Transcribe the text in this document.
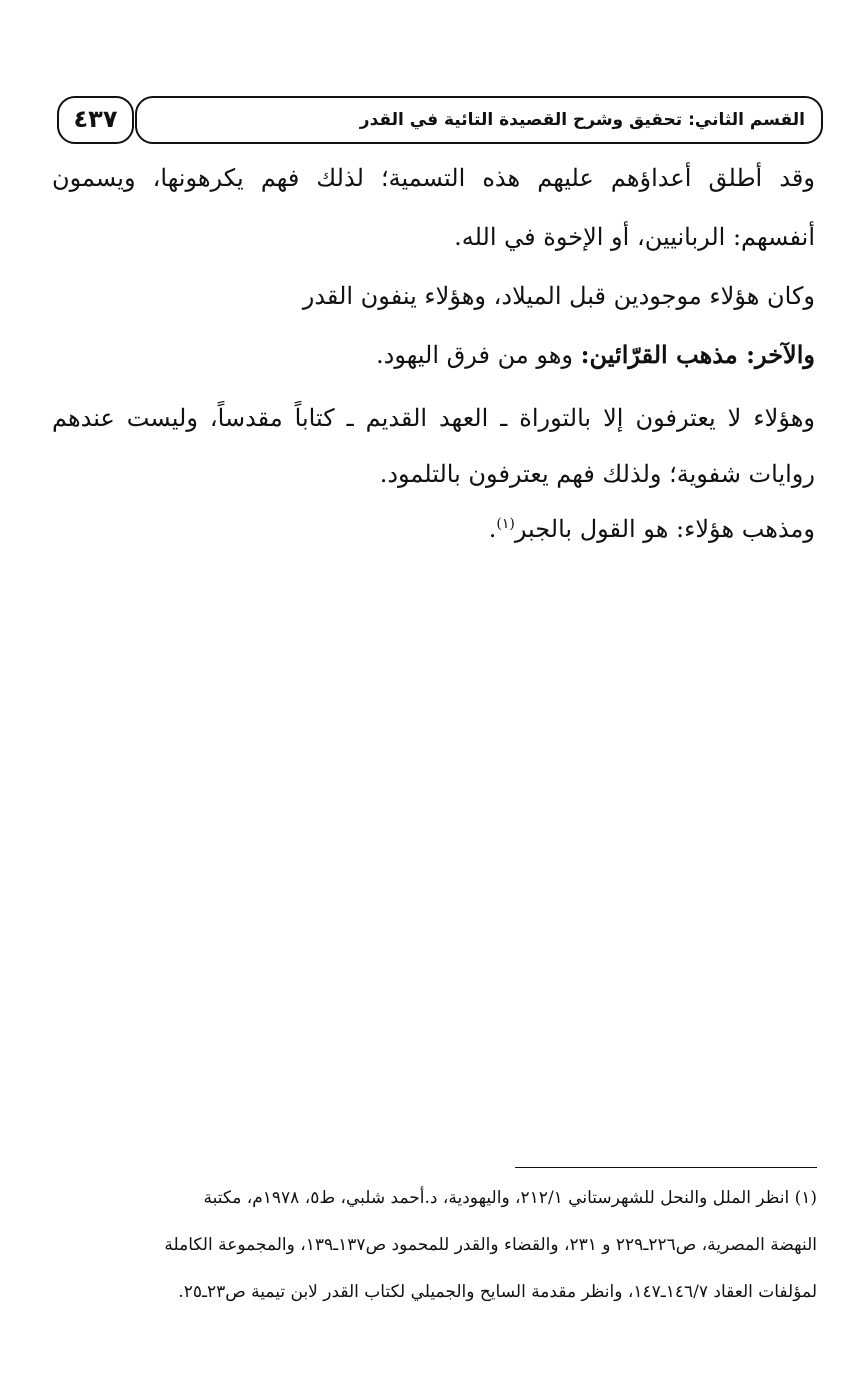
القسم الثاني: تحقيق وشرح القصيدة التائية في القدر
٤٣٧
وقد أطلق أعداؤهم عليهم هذه التسمية؛ لذلك فهم يكرهونها، ويسمون
أنفسهم: الربانيين، أو الإخوة في الله.
وكان هؤلاء موجودين قبل الميلاد، وهؤلاء ينفون القدر
والآخر: مذهب القرّائين: وهو من فرق اليهود.
وهؤلاء لا يعترفون إلا بالتوراة ـ العهد القديم ـ كتاباً مقدساً، وليست عندهم
روايات شفوية؛ ولذلك فهم يعترفون بالتلمود.
ومذهب هؤلاء: هو القول بالجبر$^{(١)}$.
(١) انظر الملل والنحل للشهرستاني ٢١٢/١، واليهودية، د.أحمد شلبي، ط٥، ١٩٧٨م، مكتبة
النهضة المصرية، ص٢٢٦ـ٢٢٩ و ٢٣١، والقضاء والقدر للمحمود ص١٣٧ـ١٣٩، والمجموعة الكاملة
لمؤلفات العقاد ١٤٦/٧ـ١٤٧، وانظر مقدمة السايح والجميلي لكتاب القدر لابن تيمية ص٢٣ـ٢٥.
